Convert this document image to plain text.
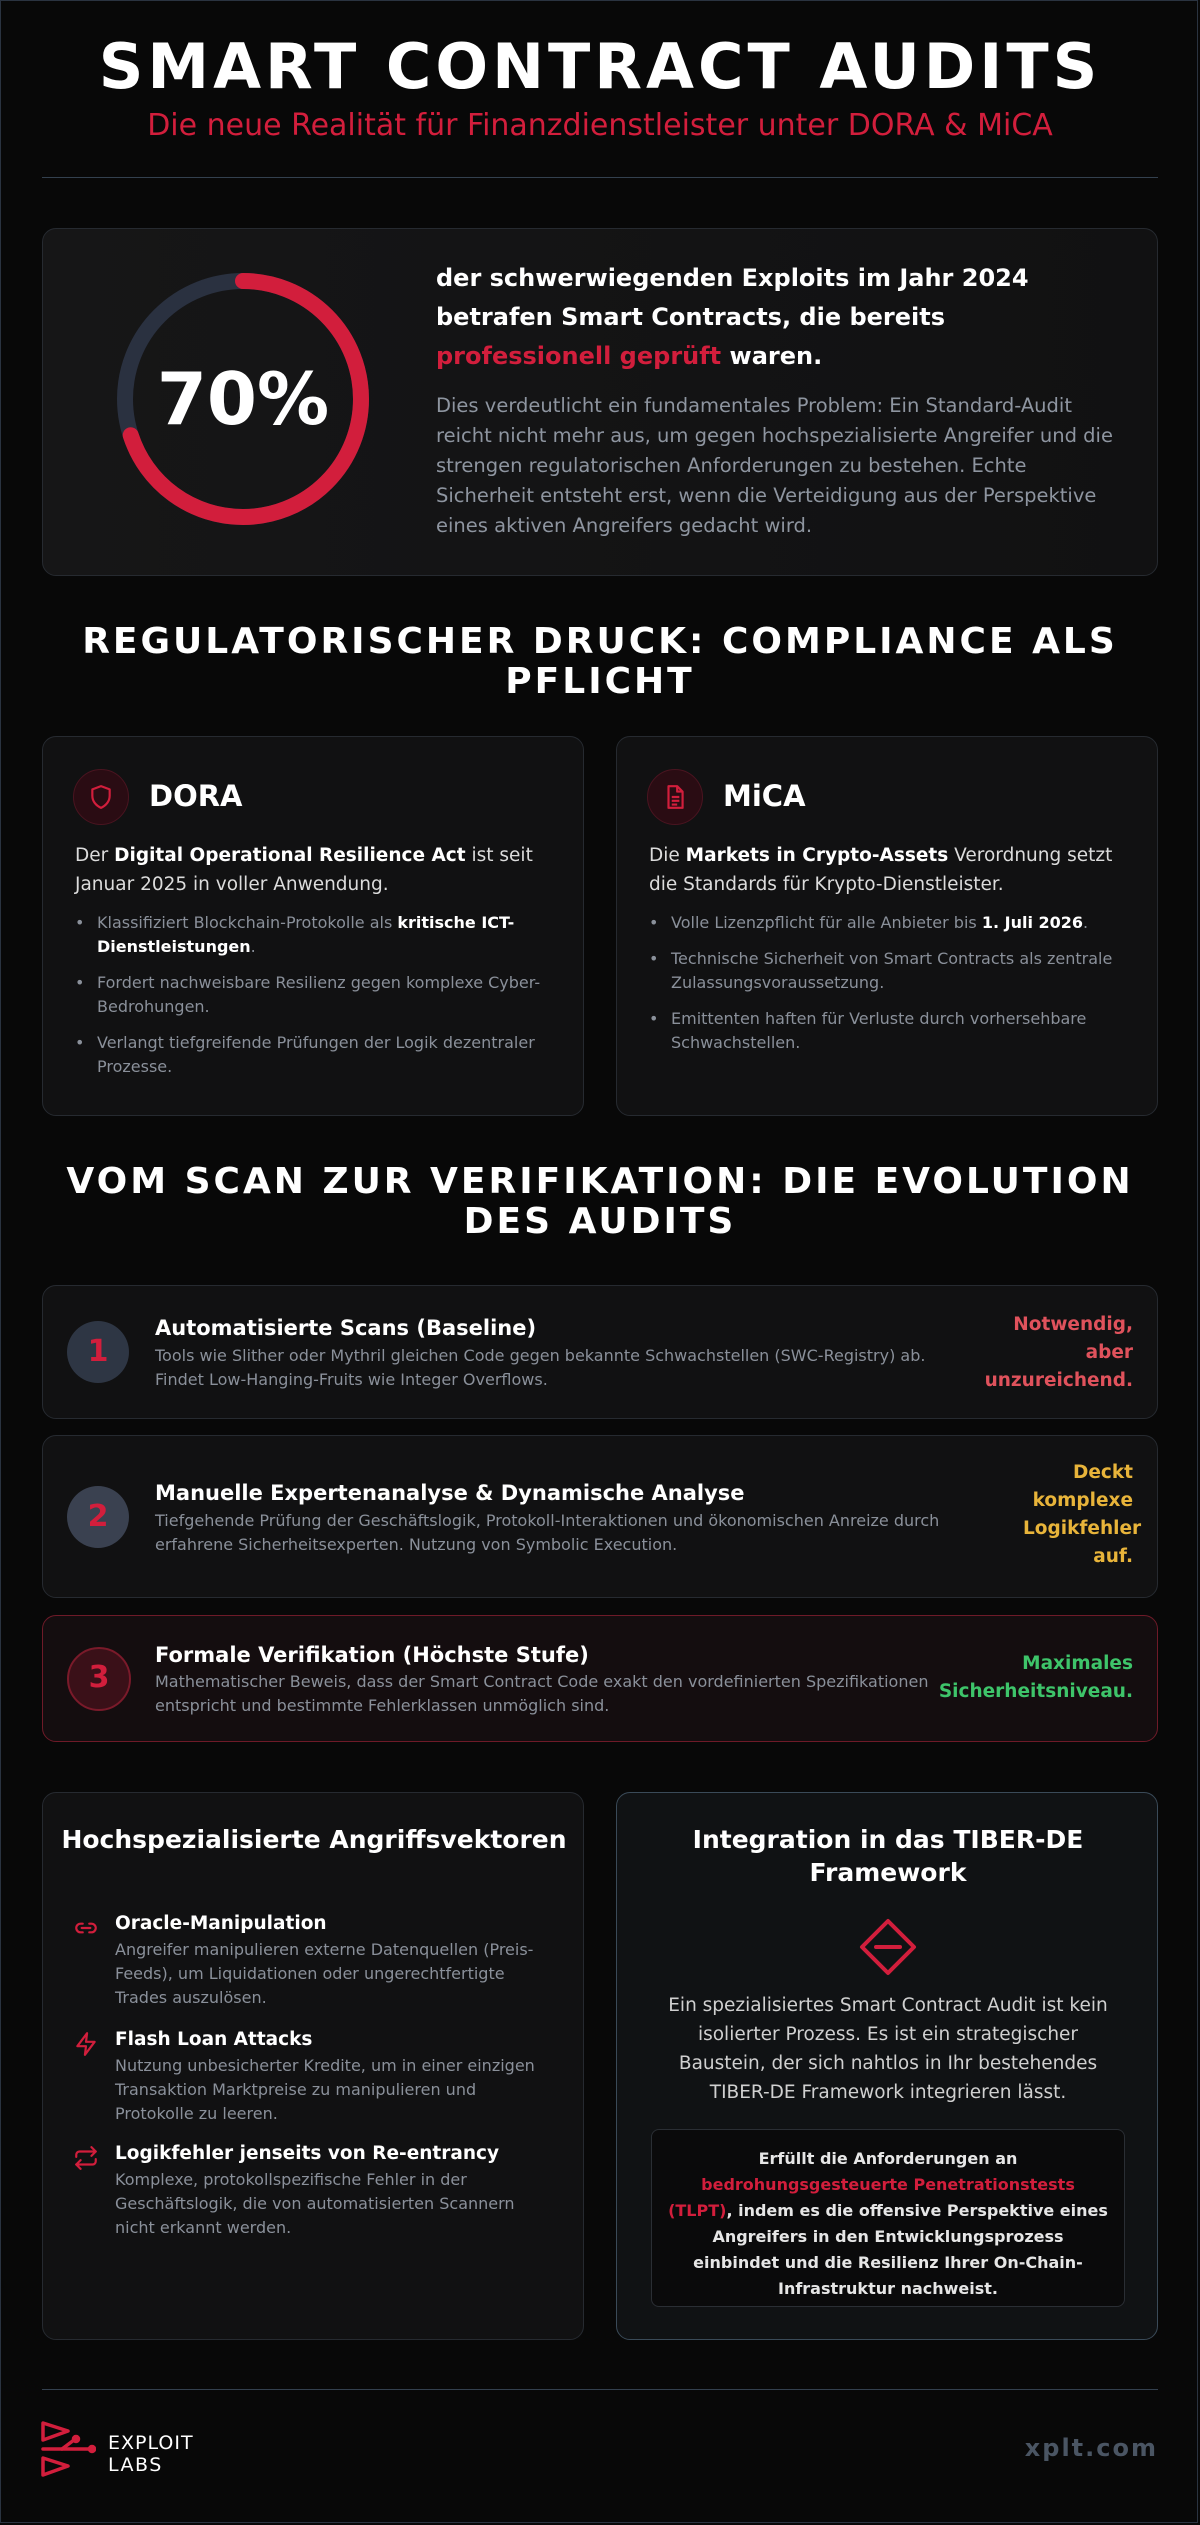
SMART CONTRACT AUDITS
Die neue Realität für Finanzdienstleister unter DORA & MiCA
70%
der schwerwiegenden Exploits im Jahr 2024 betrafen Smart Contracts, die bereits professionell geprüft waren.
Dies verdeutlicht ein fundamentales Problem: Ein Standard-Audit reicht nicht mehr aus, um gegen hochspezialisierte Angreifer und die strengen regulatorischen Anforderungen zu bestehen. Echte Sicherheit entsteht erst, wenn die Verteidigung aus der Perspektive eines aktiven Angreifers gedacht wird.
REGULATORISCHER DRUCK: COMPLIANCE ALS PFLICHT
DORA
Der Digital Operational Resilience Act ist seit Januar 2025 in voller Anwendung.
• Klassifiziert Blockchain-Protokolle als kritische ICT-Dienstleistungen.
• Fordert nachweisbare Resilienz gegen komplexe Cyber-Bedrohungen.
• Verlangt tiefgreifende Prüfungen der Logik dezentraler Prozesse.
MiCA
Die Markets in Crypto-Assets Verordnung setzt die Standards für Krypto-Dienstleister.
• Volle Lizenzpflicht für alle Anbieter bis 1. Juli 2026.
• Technische Sicherheit von Smart Contracts als zentrale Zulassungsvoraussetzung.
• Emittenten haften für Verluste durch vorhersehbare Schwachstellen.
VOM SCAN ZUR VERIFIKATION: DIE EVOLUTION DES AUDITS
1
Automatisierte Scans (Baseline)
Tools wie Slither oder Mythril gleichen Code gegen bekannte Schwachstellen (SWC-Registry) ab. Findet Low-Hanging-Fruits wie Integer Overflows.
Notwendig, aber unzureichend.
2
Manuelle Expertenanalyse & Dynamische Analyse
Tiefgehende Prüfung der Geschäftslogik, Protokoll-Interaktionen und ökonomischen Anreize durch erfahrene Sicherheitsexperten. Nutzung von Symbolic Execution.
Deckt komplexe Logikfehler auf.
3
Formale Verifikation (Höchste Stufe)
Mathematischer Beweis, dass der Smart Contract Code exakt den vordefinierten Spezifikationen entspricht und bestimmte Fehlerklassen unmöglich sind.
Maximales Sicherheitsniveau.
Hochspezialisierte Angriffsvektoren
Oracle-Manipulation
Angreifer manipulieren externe Datenquellen (Preis-Feeds), um Liquidationen oder ungerechtfertigte Trades auszulösen.
Flash Loan Attacks
Nutzung unbesicherter Kredite, um in einer einzigen Transaktion Marktpreise zu manipulieren und Protokolle zu leeren.
Logikfehler jenseits von Re-entrancy
Komplexe, protokollspezifische Fehler in der Geschäftslogik, die von automatisierten Scannern nicht erkannt werden.
Integration in das TIBER-DE Framework
Ein spezialisiertes Smart Contract Audit ist kein isolierter Prozess. Es ist ein strategischer Baustein, der sich nahtlos in Ihr bestehendes TIBER-DE Framework integrieren lässt.
Erfüllt die Anforderungen an bedrohungsgesteuerte Penetrationstests (TLPT), indem es die offensive Perspektive eines Angreifers in den Entwicklungsprozess einbindet und die Resilienz Ihrer On-Chain-Infrastruktur nachweist.
EXPLOIT
LABS
xplt.com
